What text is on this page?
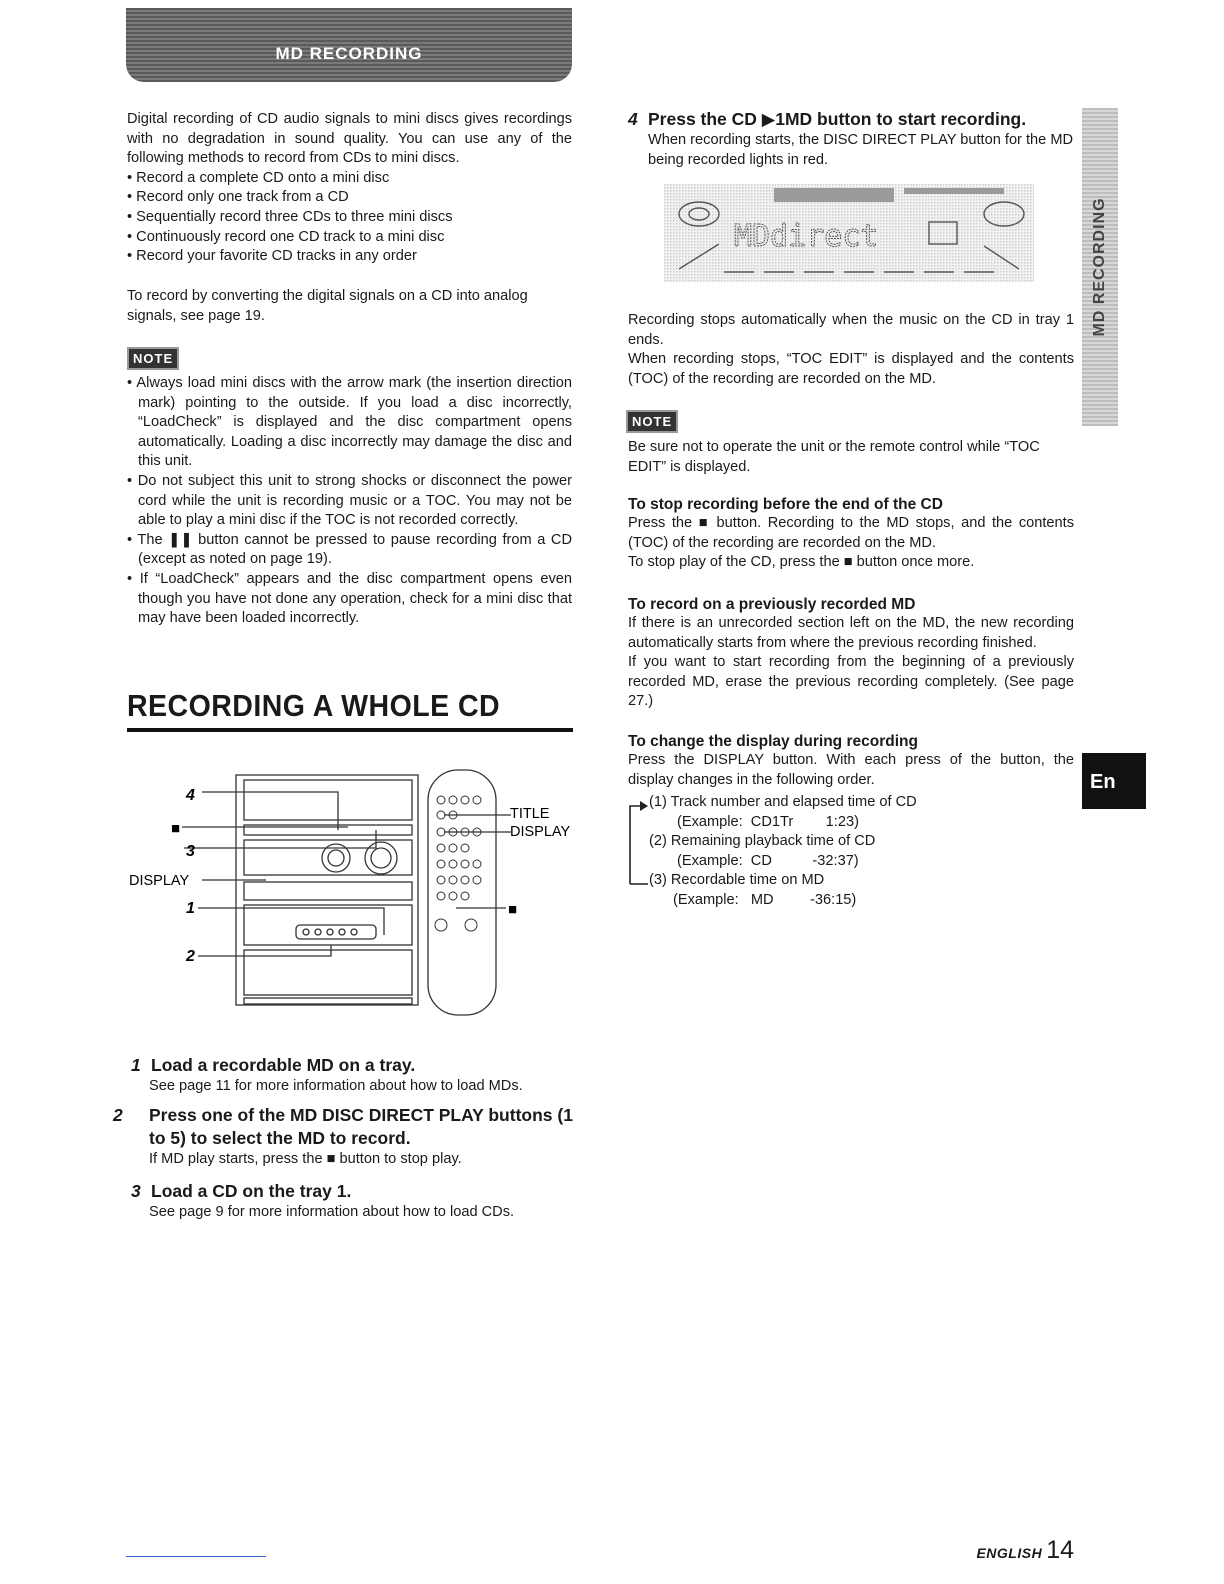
MD RECORDING
MD RECORDING
En
Digital recording of CD audio signals to mini discs gives recordings with no degradation in sound quality. You can use any of the following methods to record from CDs to mini discs.
• Record a complete CD onto a mini disc
• Record only one track from a CD
• Sequentially record three CDs to three mini discs
• Continuously record one CD track to a mini disc
• Record your favorite CD tracks in any order
To record by converting the digital signals on a CD into analog signals, see page 19.
NOTE
• Always load mini discs with the arrow mark (the insertion direction mark) pointing to the outside. If you load a disc incorrectly, “LoadCheck” is displayed and the disc compartment opens automatically. Loading a disc incorrectly may damage the disc and this unit.
• Do not subject this unit to strong shocks or disconnect the power cord while the unit is recording music or a TOC. You may not be able to play a mini disc if the TOC is not recorded correctly.
• The ❚❚ button cannot be pressed to pause recording from a CD (except as noted on page 19).
• If “LoadCheck” appears and the disc compartment opens even though you have not done any operation, check for a mini disc that may have been loaded incorrectly.
RECORDING A WHOLE CD
4
■
3
DISPLAY
1
2
TITLE
DISPLAY
■
1 Load a recordable MD on a tray.
See page 11 for more information about how to load MDs.
2 Press one of the MD DISC DIRECT PLAY buttons (1 to 5) to select the MD to record.
If MD play starts, press the ■ button to stop play.
3 Load a CD on the tray 1.
See page 9 for more information about how to load CDs.
4 Press the CD ▶1MD button to start recording.
When recording starts, the DISC DIRECT PLAY button for the MD being recorded lights in red.
MDdirect
Recording stops automatically when the music on the CD in tray 1 ends.
When recording stops, “TOC EDIT” is displayed and the contents (TOC) of the recording are recorded on the MD.
NOTE
Be sure not to operate the unit or the remote control while “TOC EDIT” is displayed.
To stop recording before the end of the CD
Press the ■ button. Recording to the MD stops, and the contents (TOC) of the recording are recorded on the MD.
To stop play of the CD, press the ■ button once more.
To record on a previously recorded MD
If there is an unrecorded section left on the MD, the new recording automatically starts from where the previous recording finished.
If you want to start recording from the beginning of a previously recorded MD, erase the previous recording completely. (See page 27.)
To change the display during recording
Press the DISPLAY button. With each press of the button, the display changes in the following order.
(1) Track number and elapsed time of CD
(Example:  CD1Tr        1:23)
(2) Remaining playback time of CD
(Example:  CD          -32:37)
(3) Recordable time on MD
(Example:   MD         -36:15)
ENGLISH 14
